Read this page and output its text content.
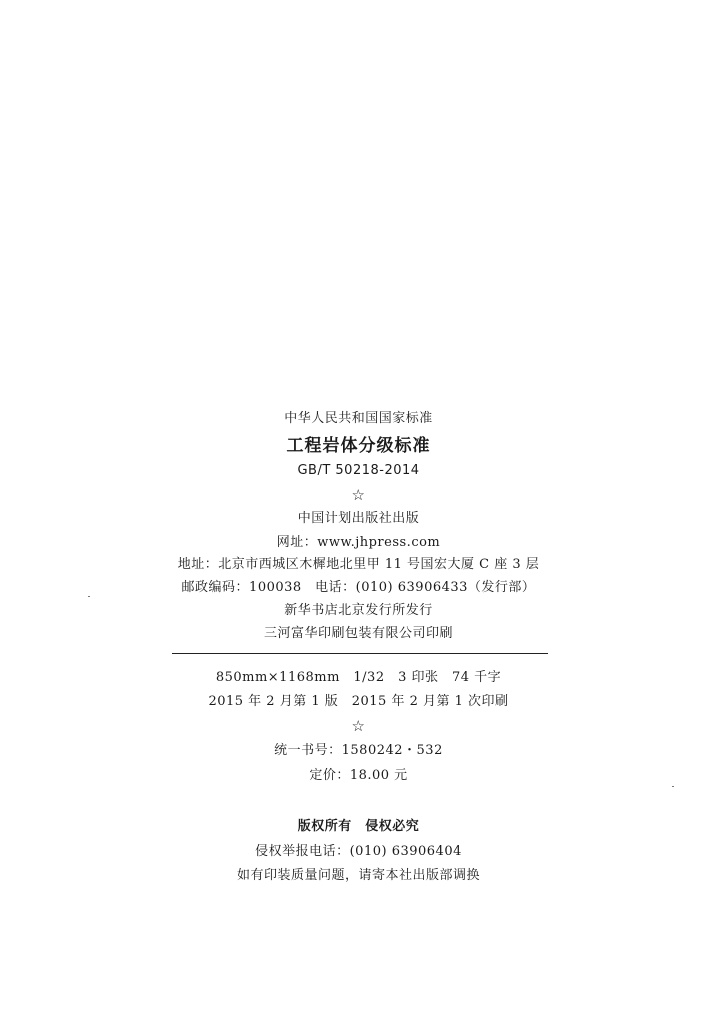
中华人民共和国国家标准
工程岩体分级标准
GB/T 50218-2014
☆
中国计划出版社出版
网址：www.jhpress.com
地址：北京市西城区木樨地北里甲 11 号国宏大厦 C 座 3 层
邮政编码：100038　电话：(010) 63906433（发行部）
新华书店北京发行所发行
三河富华印刷包装有限公司印刷
850mm×1168mm　1/32　3 印张　74 千字
2015 年 2 月第 1 版　2015 年 2 月第 1 次印刷
☆
统一书号：1580242・532
定价：18.00 元
版权所有　侵权必究
侵权举报电话：(010) 63906404
如有印装质量问题，请寄本社出版部调换
